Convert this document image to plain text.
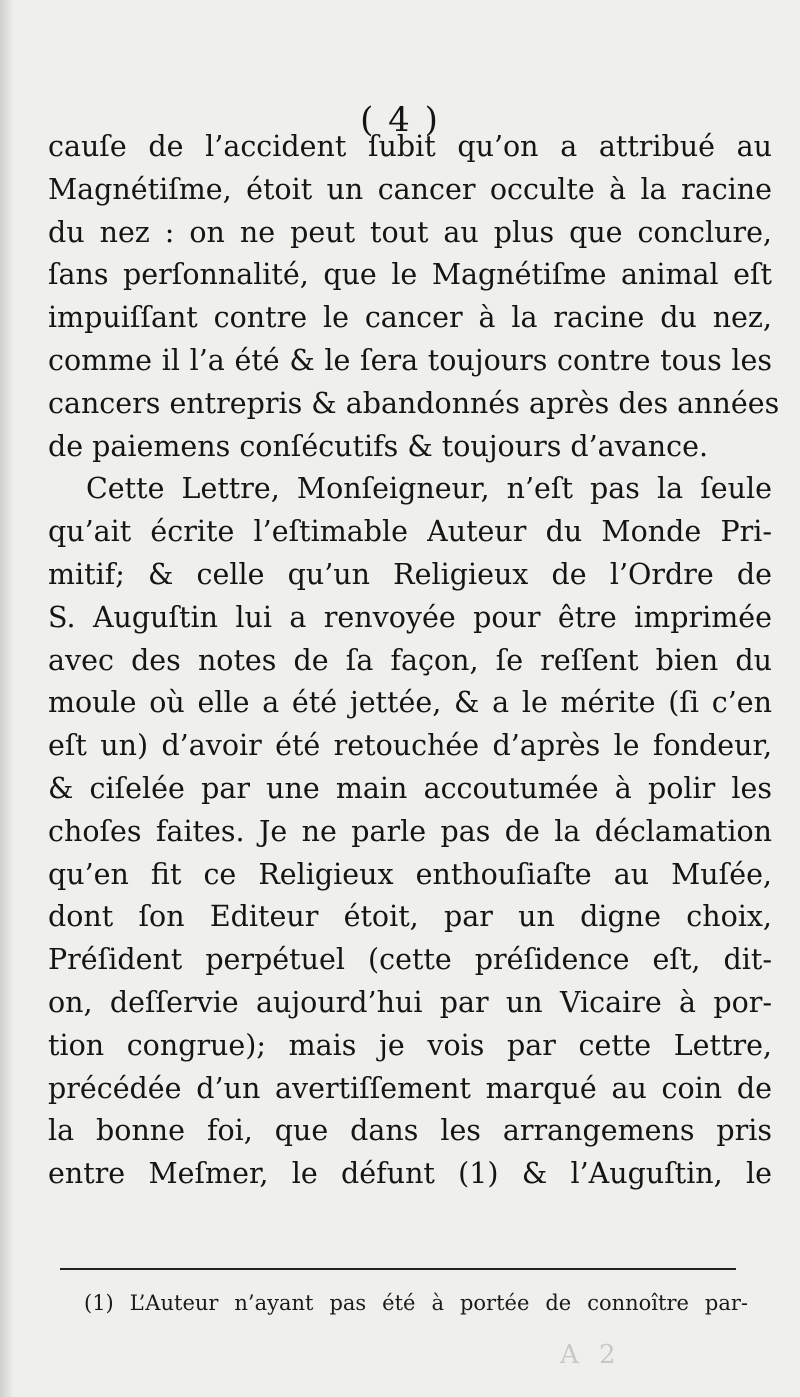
( 4 )
cauſe de l’accident ſubit qu’on a attribué au
Magnétiſme, étoit un cancer occulte à la racine
du nez : on ne peut tout au plus que conclure,
ſans perſonnalité, que le Magnétiſme animal eſt
impuiſſant contre le cancer à la racine du nez,
comme il l’a été & le ſera toujours contre tous les
cancers entrepris & abandonnés après des années
de paiemens conſécutifs & toujours d’avance.
Cette Lettre, Monſeigneur, n’eſt pas la ſeule
qu’ait écrite l’eſtimable Auteur du Monde Pri-
mitif; & celle qu’un Religieux de l’Ordre de
S. Auguſtin lui a renvoyée pour être imprimée
avec des notes de ſa façon, ſe reſſent bien du
moule où elle a été jettée, & a le mérite (ſi c’en
eſt un) d’avoir été retouchée d’après le fondeur,
& ciſelée par une main accoutumée à polir les
choſes faites. Je ne parle pas de la déclamation
qu’en fit ce Religieux enthouſiaſte au Muſée,
dont ſon Editeur étoit, par un digne choix,
Préſident perpétuel (cette préſidence eſt, dit-
on, deſſervie aujourd’hui par un Vicaire à por-
tion congrue); mais je vois par cette Lettre,
précédée d’un avertiſſement marqué au coin de
la bonne foi, que dans les arrangemens pris
entre Meſmer, le défunt (1) & l’Auguſtin, le
(1) L’Auteur n’ayant pas été à portée de connoître par-
A 2
